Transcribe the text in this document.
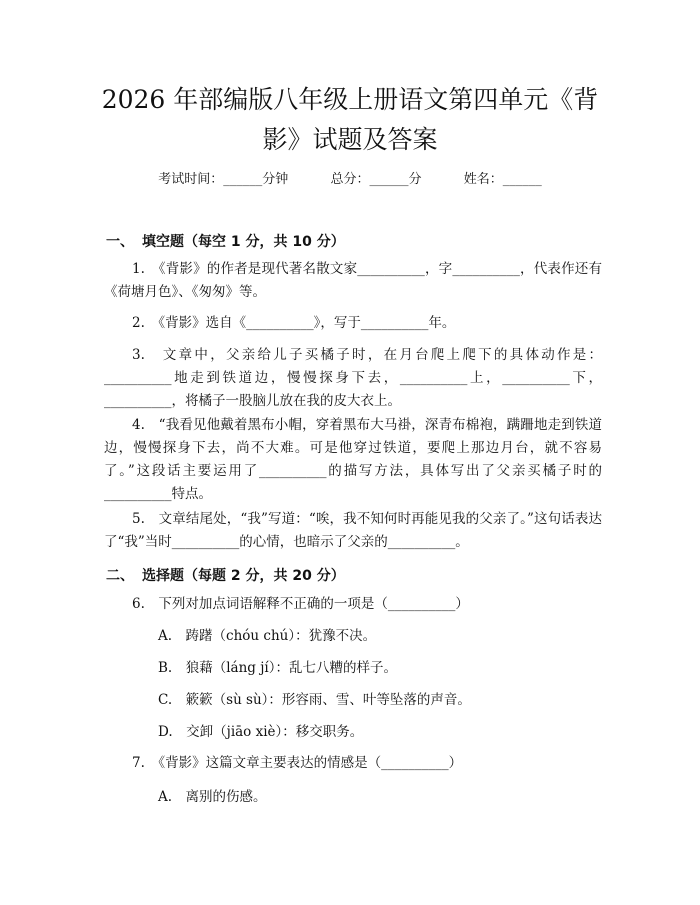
2026 年部编版八年级上册语文第四单元《背
影》试题及答案
考试时间：______分钟	总分：______分	姓名：______
一、 填空题（每空 1 分，共 10 分）
1.　《背影》的作者是现代著名散文家__________，字__________，代表作还有《荷塘月色》、《匆匆》等。
2.　《背影》选自《__________》，写于__________年。
3.　文章中，父亲给儿子买橘子时，在月台爬上爬下的具体动作是：__________地走到铁道边，慢慢探身下去，__________上，__________下，__________，将橘子一股脑儿放在我的皮大衣上。
4.　“我看见他戴着黑布小帽，穿着黑布大马褂，深青布棉袍，蹒跚地走到铁道边，慢慢探身下去，尚不大难。可是他穿过铁道，要爬上那边月台，就不容易了。”这段话主要运用了__________的描写方法，具体写出了父亲买橘子时的__________特点。
5.　文章结尾处，“我”写道：“唉，我不知何时再能见我的父亲了。”这句话表达了“我”当时__________的心情，也暗示了父亲的__________。
二、 选择题（每题 2 分，共 20 分）
6.　下列对加点词语解释不正确的一项是（__________）
A.　踌躇（chóu chú）：犹豫不决。
B.　狼藉（láng jí）：乱七八糟的样子。
C.　簌簌（sù sù）：形容雨、雪、叶等坠落的声音。
D.　交卸（jiāo xiè）：移交职务。
7.　《背影》这篇文章主要表达的情感是（__________）
A.　离别的伤感。
